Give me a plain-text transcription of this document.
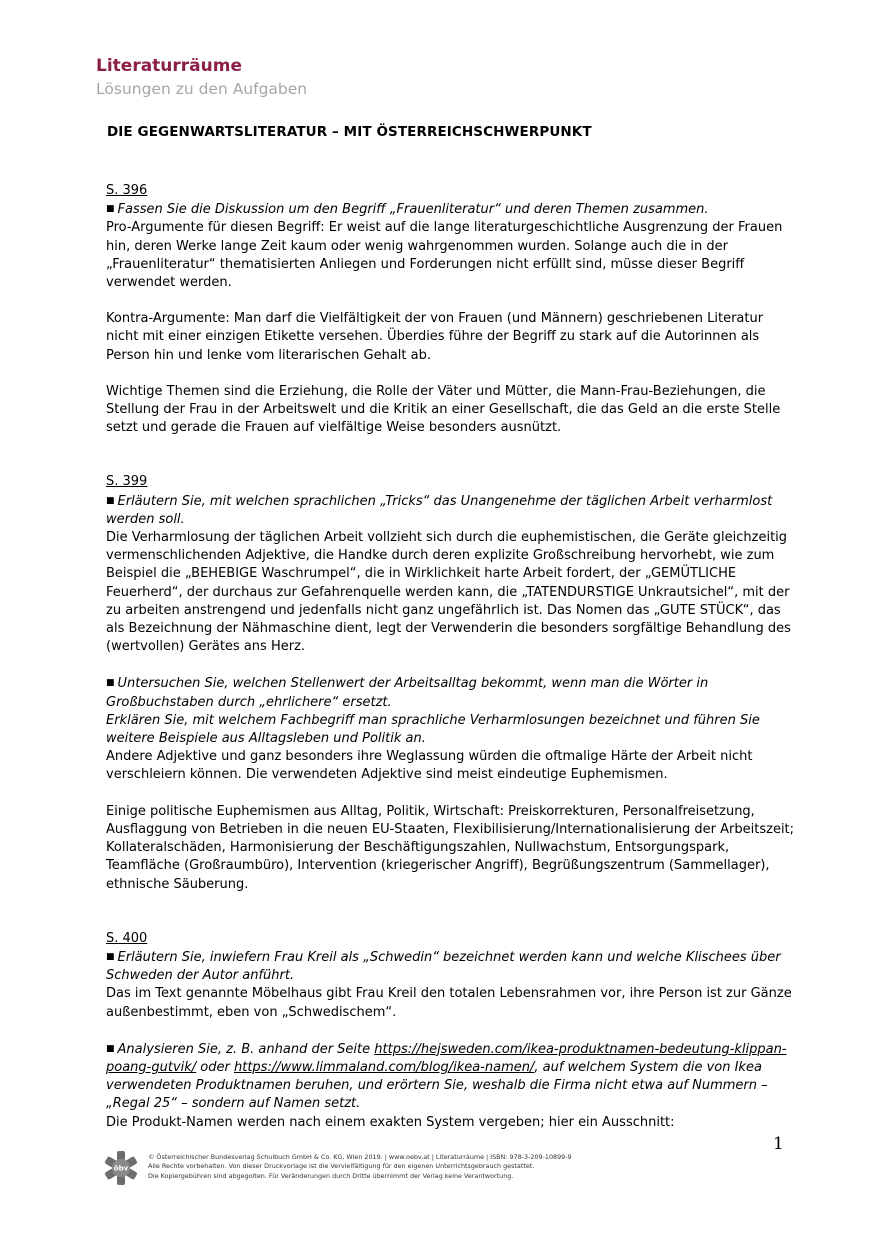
Literaturräume
Lösungen zu den Aufgaben
DIE GEGENWARTSLITERATUR – MIT ÖSTERREICHSCHWERPUNKT

S. 396

■ Fassen Sie die Diskussion um den Begriff „Frauenliteratur“ und deren Themen zusammen.

Pro-Argumente für diesen Begriff: Er weist auf die lange literaturgeschichtliche Ausgrenzung der Frauen hin, deren Werke lange Zeit kaum oder wenig wahrgenommen wurden. Solange auch die in der „Frauenliteratur“ thematisierten Anliegen und Forderungen nicht erfüllt sind, müsse dieser Begriff verwendet werden.

Kontra-Argumente: Man darf die Vielfältigkeit der von Frauen (und Männern) geschriebenen Literatur nicht mit einer einzigen Etikette versehen. Überdies führe der Begriff zu stark auf die Autorinnen als Person hin und lenke vom literarischen Gehalt ab.

Wichtige Themen sind die Erziehung, die Rolle der Väter und Mütter, die Mann-Frau-Beziehungen, die Stellung der Frau in der Arbeitswelt und die Kritik an einer Gesellschaft, die das Geld an die erste Stelle setzt und gerade die Frauen auf vielfältige Weise besonders ausnützt.

S. 399

■ Erläutern Sie, mit welchen sprachlichen „Tricks“ das Unangenehme der täglichen Arbeit verharmlost werden soll.

Die Verharmlosung der täglichen Arbeit vollzieht sich durch die euphemistischen, die Geräte gleichzeitig vermenschlichenden Adjektive, die Handke durch deren explizite Großschreibung hervorhebt, wie zum Beispiel die „BEHEBIGE Waschrumpel“, die in Wirklichkeit harte Arbeit fordert, der „GEMÜTLICHE Feuerherd“, der durchaus zur Gefahrenquelle werden kann, die „TATENDURSTIGE Unkrautsichel“, mit der zu arbeiten anstrengend und jedenfalls nicht ganz ungefährlich ist. Das Nomen das „GUTE STÜCK“, das als Bezeichnung der Nähmaschine dient, legt der Verwenderin die besonders sorgfältige Behandlung des (wertvollen) Gerätes ans Herz.

■ Untersuchen Sie, welchen Stellenwert der Arbeitsalltag bekommt, wenn man die Wörter in Großbuchstaben durch „ehrlichere“ ersetzt.

Erklären Sie, mit welchem Fachbegriff man sprachliche Verharmlosungen bezeichnet und führen Sie weitere Beispiele aus Alltagsleben und Politik an.

Andere Adjektive und ganz besonders ihre Weglassung würden die oftmalige Härte der Arbeit nicht verschleiern können. Die verwendeten Adjektive sind meist eindeutige Euphemismen.

Einige politische Euphemismen aus Alltag, Politik, Wirtschaft: Preiskorrekturen, Personalfreisetzung, Ausflaggung von Betrieben in die neuen EU-Staaten, Flexibilisierung/Internationalisierung der Arbeitszeit; Kollateralschäden, Harmonisierung der Beschäftigungszahlen, Nullwachstum, Entsorgungspark, Teamfläche (Großraumbüro), Intervention (kriegerischer Angriff), Begrüßungszentrum (Sammellager), ethnische Säuberung.

S. 400

■ Erläutern Sie, inwiefern Frau Kreil als „Schwedin“ bezeichnet werden kann und welche Klischees über Schweden der Autor anführt.

Das im Text genannte Möbelhaus gibt Frau Kreil den totalen Lebensrahmen vor, ihre Person ist zur Gänze außenbestimmt, eben von „Schwedischem“.

■ Analysieren Sie, z. B. anhand der Seite https://hejsweden.com/ikea-produktnamen-bedeutung-klippan-poang-gutvik/ oder https://www.limmaland.com/blog/ikea-namen/, auf welchem System die von Ikea verwendeten Produktnamen beruhen, und erörtern Sie, weshalb die Firma nicht etwa auf Nummern – „Regal 25“ – sondern auf Namen setzt.

Die Produkt-Namen werden nach einem exakten System vergeben; hier ein Ausschnitt:

1
öbv
© Österreichischer Bundesverlag Schulbuch GmbH & Co. KG, Wien 2019. | www.oebv.at | Literaturräume | ISBN: 978-3-209-10899-9
Alle Rechte vorbehalten. Von dieser Druckvorlage ist die Vervielfältigung für den eigenen Unterrichtsgebrauch gestattet.
Die Kopiergebühren sind abgegolten. Für Veränderungen durch Dritte übernimmt der Verlag keine Verantwortung.
